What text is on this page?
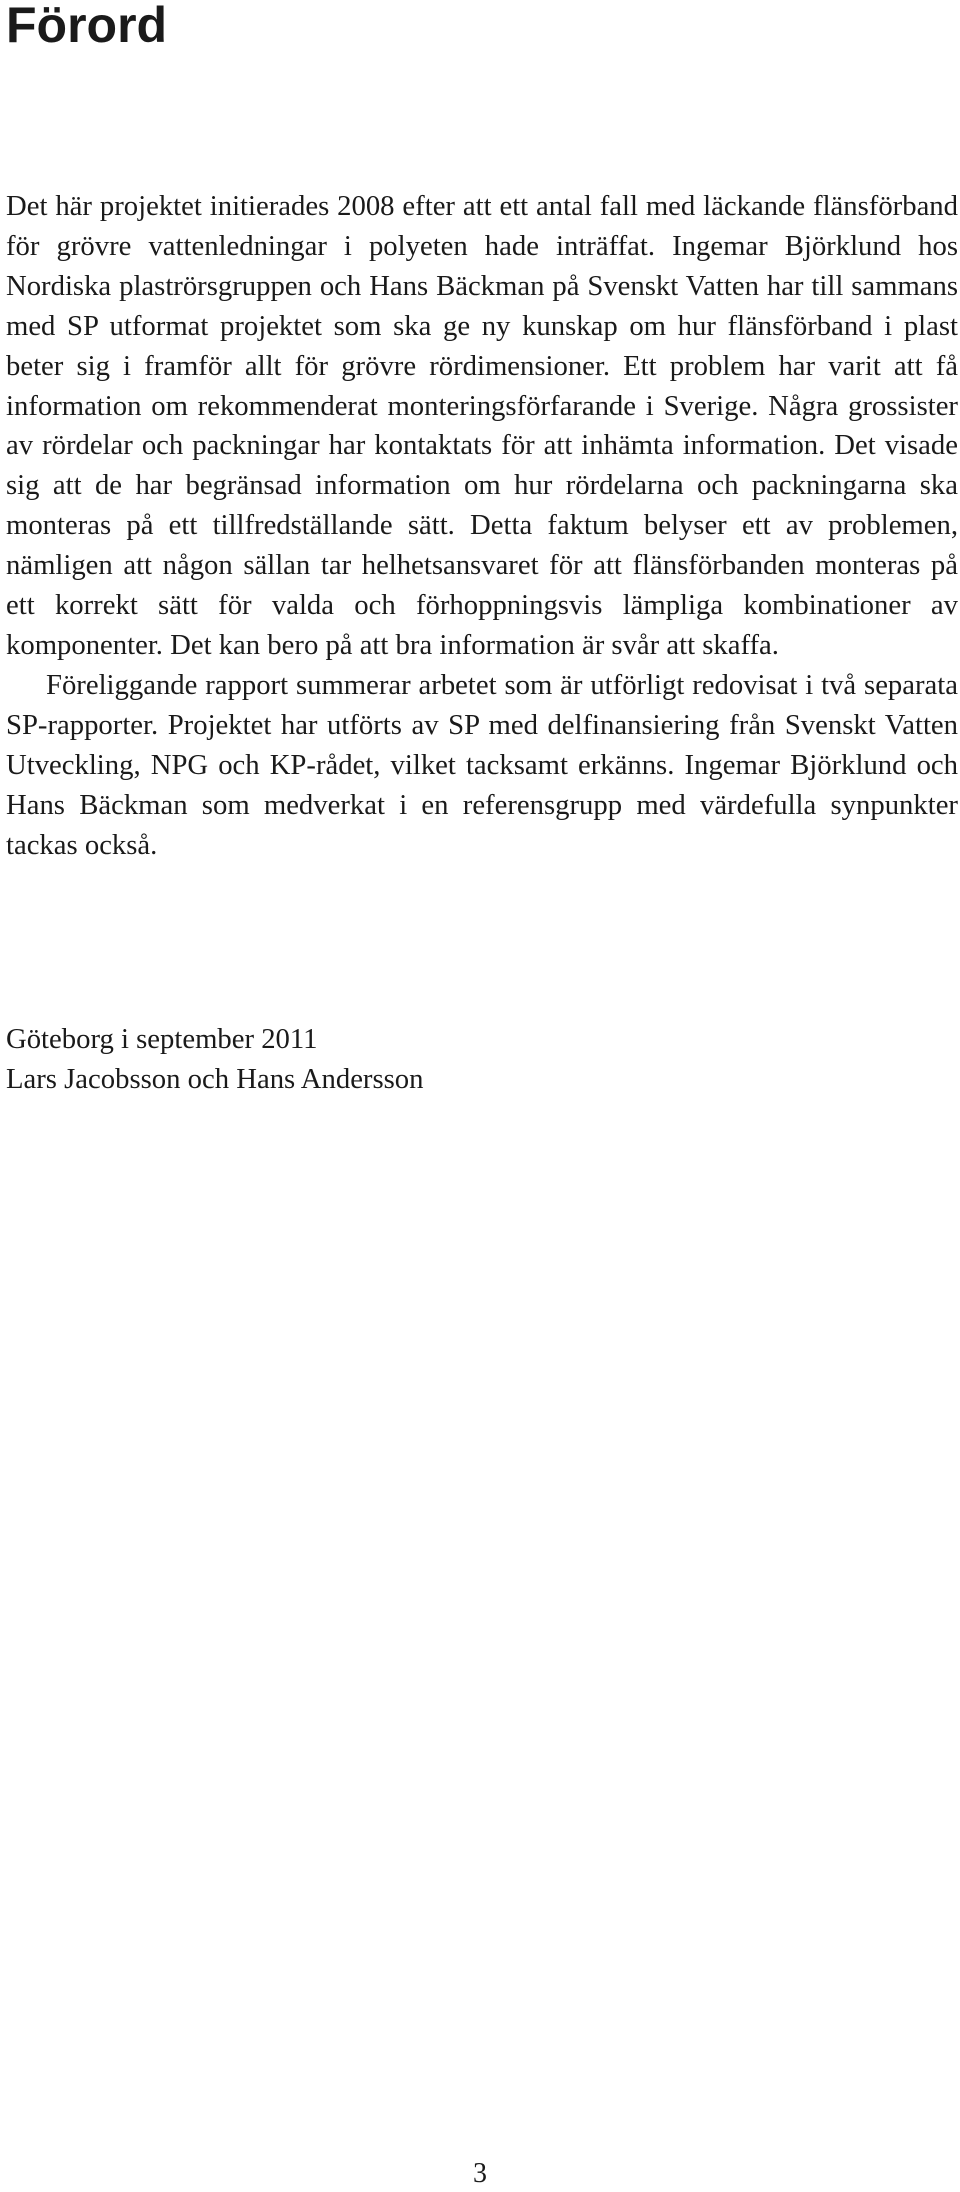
Förord

Det här projektet initierades 2008 efter att ett antal fall med läckande flänsförband för grövre vattenledningar i polyeten hade inträffat. Ingemar Björklund hos Nordiska plaströrsgruppen och Hans Bäckman på Svenskt Vatten har till sammans med SP utformat projektet som ska ge ny kunskap om hur flänsförband i plast beter sig i framför allt för grövre rördimensioner. Ett problem har varit att få information om rekommenderat monteringsförfarande i Sverige. Några grossister av rördelar och packningar har kontaktats för att inhämta information. Det visade sig att de har begränsad information om hur rördelarna och packningarna ska monteras på ett tillfredställande sätt. Detta faktum belyser ett av problemen, nämligen att någon sällan tar helhetsansvaret för att flänsförbanden monteras på ett korrekt sätt för valda och förhoppningsvis lämpliga kombinationer av komponenter. Det kan bero på att bra information är svår att skaffa.

Föreliggande rapport summerar arbetet som är utförligt redovisat i två separata SP-rapporter. Projektet har utförts av SP med delfinansiering från Svenskt Vatten Utveckling, NPG och KP-rådet, vilket tacksamt erkänns. Ingemar Björklund och Hans Bäckman som medverkat i en referensgrupp med värdefulla synpunkter tackas också.

Göteborg i september 2011
Lars Jacobsson och Hans Andersson
3
